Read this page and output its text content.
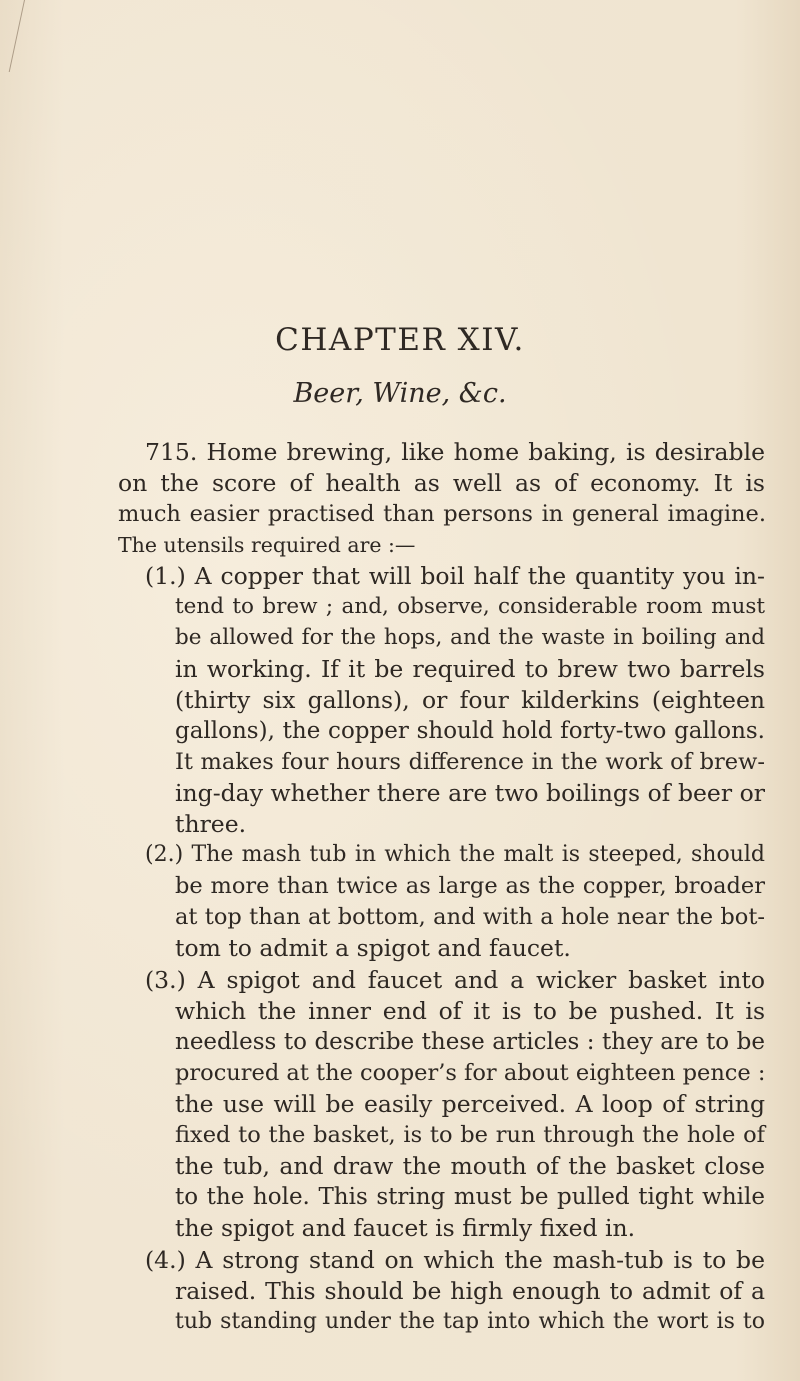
CHAPTER XIV.
Beer, Wine, &c.
715. Home brewing, like home baking, is desirable
on the score of health as well as of economy. It is
much easier practised than persons in general imagine.
The utensils required are :—
(1.) A copper that will boil half the quantity you in-
tend to brew ; and, observe, considerable room must
be allowed for the hops, and the waste in boiling and
in working. If it be required to brew two barrels
(thirty six gallons), or four kilderkins (eighteen
gallons), the copper should hold forty-two gallons.
It makes four hours difference in the work of brew-
ing-day whether there are two boilings of beer or
three.
(2.) The mash tub in which the malt is steeped, should
be more than twice as large as the copper, broader
at top than at bottom, and with a hole near the bot-
tom to admit a spigot and faucet.
(3.) A spigot and faucet and a wicker basket into
which the inner end of it is to be pushed. It is
needless to describe these articles : they are to be
procured at the cooper’s for about eighteen pence :
the use will be easily perceived. A loop of string
fixed to the basket, is to be run through the hole of
the tub, and draw the mouth of the basket close
to the hole. This string must be pulled tight while
the spigot and faucet is firmly fixed in.
(4.) A strong stand on which the mash-tub is to be
raised. This should be high enough to admit of a
tub standing under the tap into which the wort is to
